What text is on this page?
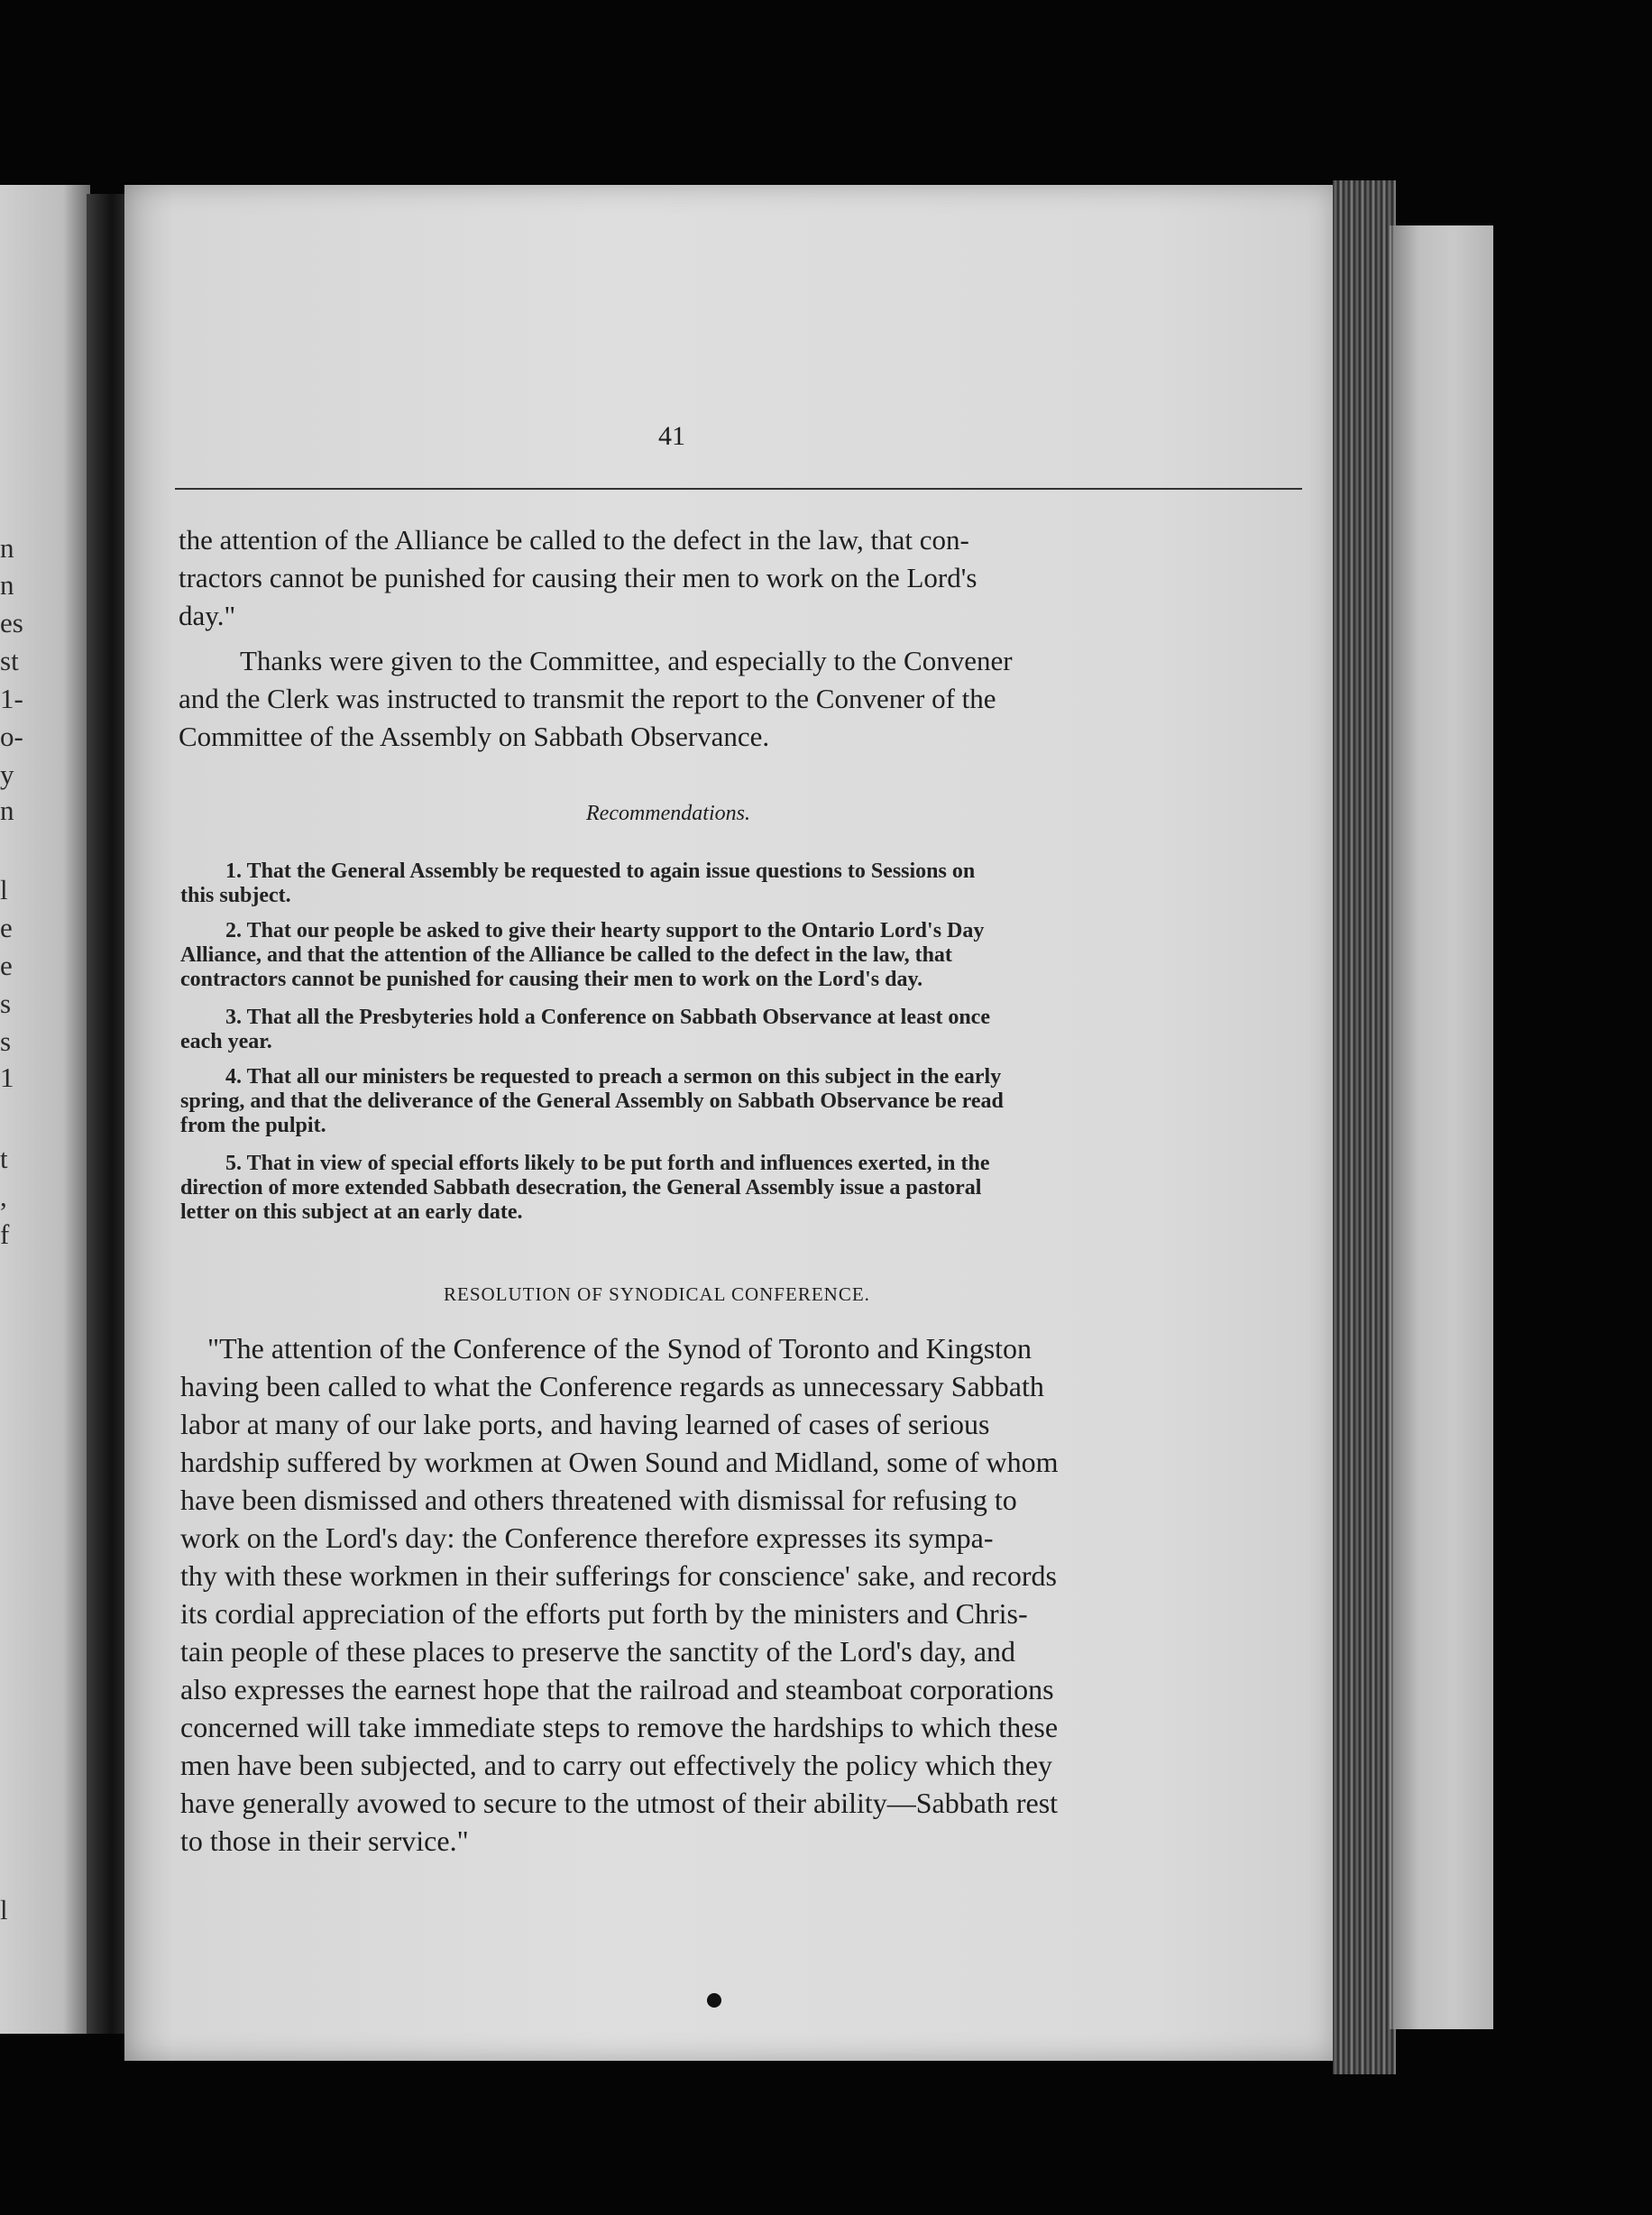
n
n
es
st
1-
o-
y
n
l
e
e
s
s
1
t
,
f
l
41
the attention of the Alliance be called to the defect in the law, that con-
tractors cannot be punished for causing their men to work on the Lord's
day."
Thanks were given to the Committee, and especially to the Convener
and the Clerk was instructed to transmit the report to the Convener of the
Committee of the Assembly on Sabbath Observance.
Recommendations.
1. That the General Assembly be requested to again issue questions to Sessions on
this subject.
2. That our people be asked to give their hearty support to the Ontario Lord's Day
Alliance, and that the attention of the Alliance be called to the defect in the law, that
contractors cannot be punished for causing their men to work on the Lord's day.
3. That all the Presbyteries hold a Conference on Sabbath Observance at least once
each year.
4. That all our ministers be requested to preach a sermon on this subject in the early
spring, and that the deliverance of the General Assembly on Sabbath Observance be read
from the pulpit.
5. That in view of special efforts likely to be put forth and influences exerted, in the
direction of more extended Sabbath desecration, the General Assembly issue a pastoral
letter on this subject at an early date.
RESOLUTION OF SYNODICAL CONFERENCE.
"The attention of the Conference of the Synod of Toronto and Kingston
having been called to what the Conference regards as unnecessary Sabbath
labor at many of our lake ports, and having learned of cases of serious
hardship suffered by workmen at Owen Sound and Midland, some of whom
have been dismissed and others threatened with dismissal for refusing to
work on the Lord's day: the Conference therefore expresses its sympa-
thy with these workmen in their sufferings for conscience' sake, and records
its cordial appreciation of the efforts put forth by the ministers and Chris-
tain people of these places to preserve the sanctity of the Lord's day, and
also expresses the earnest hope that the railroad and steamboat corporations
concerned will take immediate steps to remove the hardships to which these
men have been subjected, and to carry out effectively the policy which they
have generally avowed to secure to the utmost of their ability—Sabbath rest
to those in their service."
